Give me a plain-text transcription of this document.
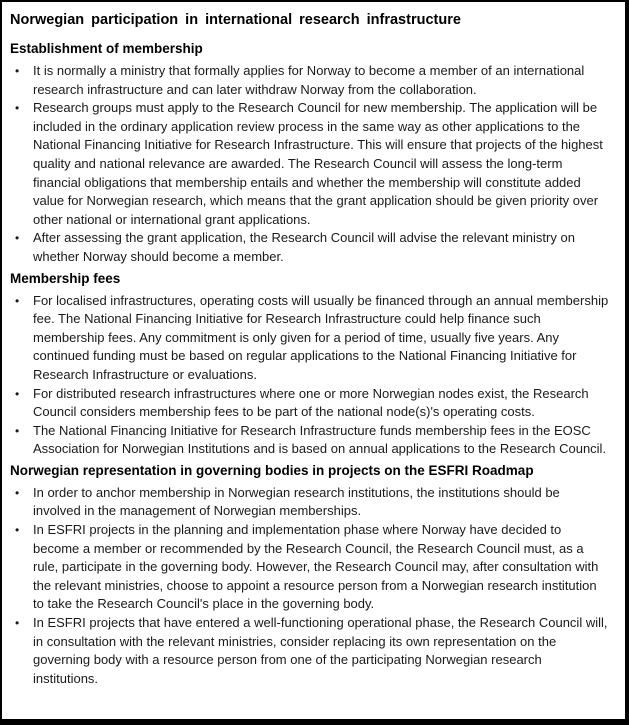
Norwegian participation in international research infrastructure
Establishment of membership
•	It is normally a ministry that formally applies for Norway to become a member of an international research infrastructure and can later withdraw Norway from the collaboration.
•	Research groups must apply to the Research Council for new membership. The application will be included in the ordinary application review process in the same way as other applications to the National Financing Initiative for Research Infrastructure. This will ensure that projects of the highest quality and national relevance are awarded. The Research Council will assess the long-term financial obligations that membership entails and whether the membership will constitute added value for Norwegian research, which means that the grant application should be given priority over other national or international grant applications.
•	After assessing the grant application, the Research Council will advise the relevant ministry on whether Norway should become a member.
Membership fees
•	For localised infrastructures, operating costs will usually be financed through an annual membership fee. The National Financing Initiative for Research Infrastructure could help finance such membership fees. Any commitment is only given for a period of time, usually five years. Any continued funding must be based on regular applications to the National Financing Initiative for Research Infrastructure or evaluations.
•	For distributed research infrastructures where one or more Norwegian nodes exist, the Research Council considers membership fees to be part of the national node(s)'s operating costs.
•	The National Financing Initiative for Research Infrastructure funds membership fees in the EOSC Association for Norwegian Institutions and is based on annual applications to the Research Council.
Norwegian representation in governing bodies in projects on the ESFRI Roadmap
•	In order to anchor membership in Norwegian research institutions, the institutions should be involved in the management of Norwegian memberships.
•	In ESFRI projects in the planning and implementation phase where Norway have decided to become a member or recommended by the Research Council, the Research Council must, as a rule, participate in the governing body. However, the Research Council may, after consultation with the relevant ministries, choose to appoint a resource person from a Norwegian research institution to take the Research Council's place in the governing body.
•	In ESFRI projects that have entered a well-functioning operational phase, the Research Council will, in consultation with the relevant ministries, consider replacing its own representation on the governing body with a resource person from one of the participating Norwegian research institutions.
